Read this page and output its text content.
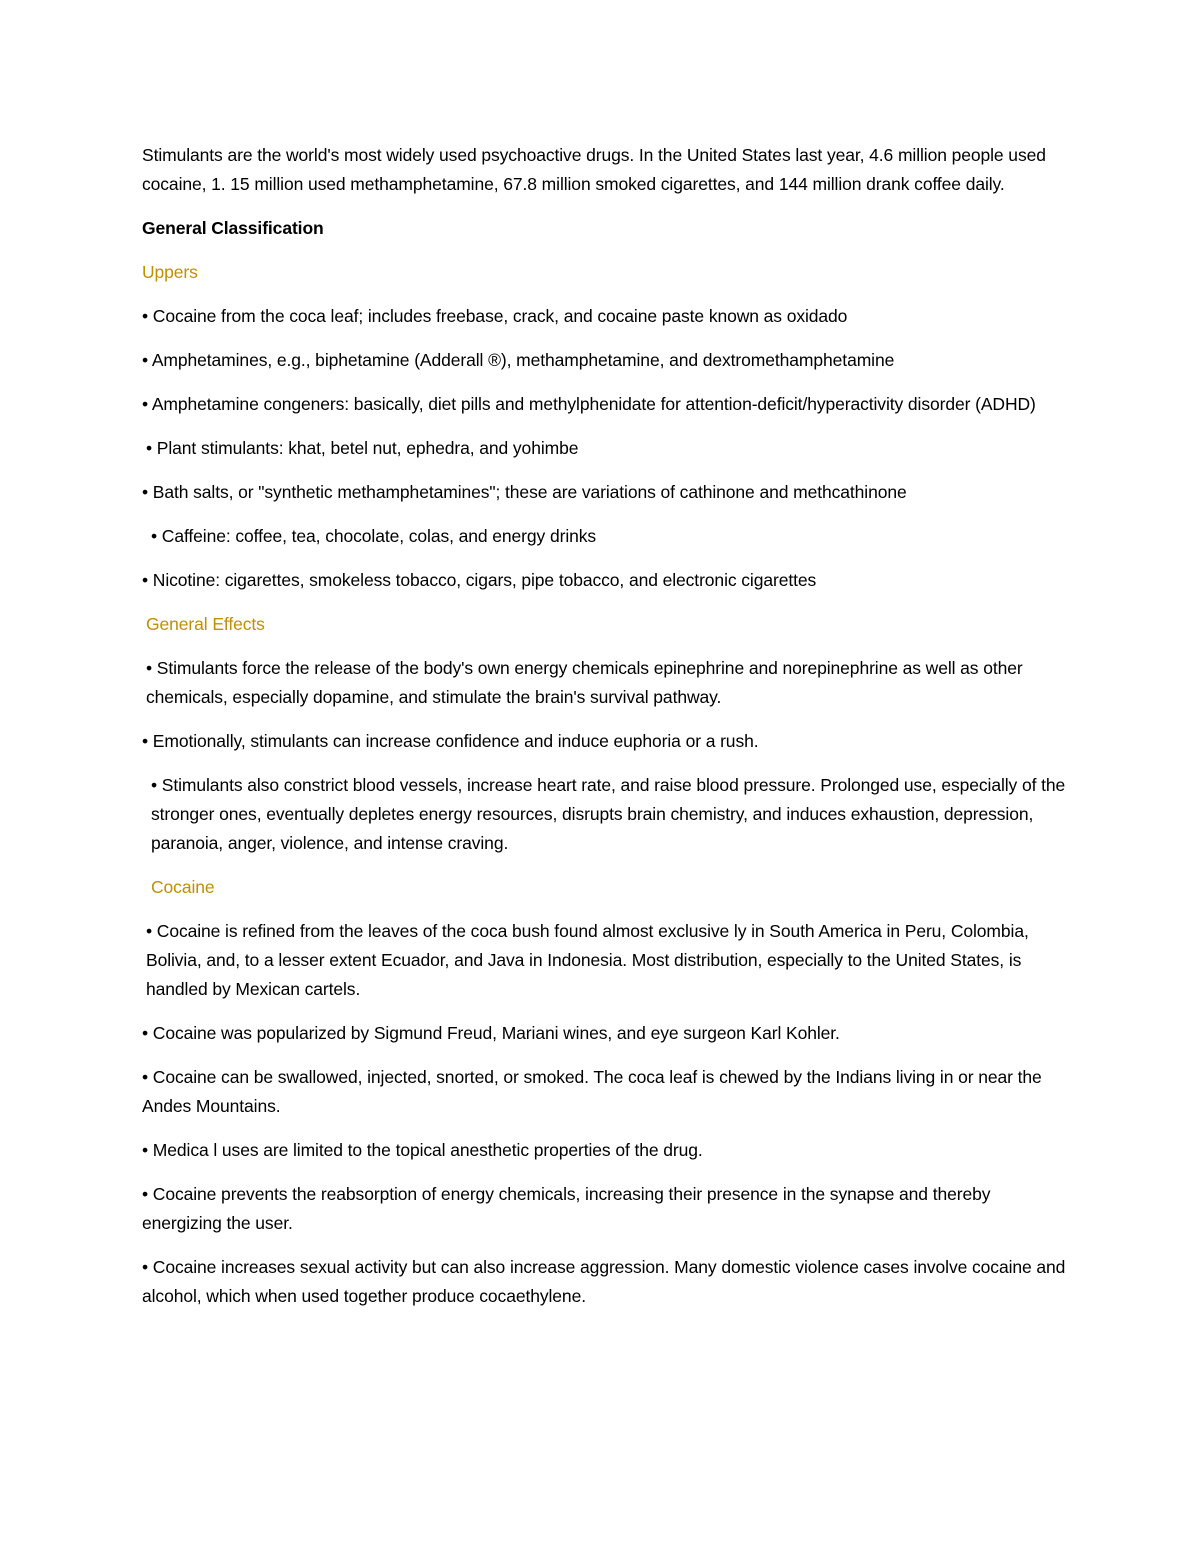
Stimulants are the world's most widely used psychoactive drugs. In the United States last year, 4.6 million people used cocaine, 1. 15 million used methamphetamine, 67.8 million smoked cigarettes, and 144 million drank coffee daily.

General Classification

Uppers

• Cocaine from the coca leaf; includes freebase, crack, and cocaine paste known as oxidado

• Amphetamines, e.g., biphetamine (Adderall ®), methamphetamine, and dextromethamphetamine

• Amphetamine congeners: basically, diet pills and methylphenidate for attention-deficit/hyperactivity disorder (ADHD)

• Plant stimulants: khat, betel nut, ephedra, and yohimbe

• Bath salts, or "synthetic methamphetamines"; these are variations of cathinone and methcathinone

• Caffeine: coffee, tea, chocolate, colas, and energy drinks

• Nicotine: cigarettes, smokeless tobacco, cigars, pipe tobacco, and electronic cigarettes

General Effects

• Stimulants force the release of the body's own energy chemicals epinephrine and norepinephrine as well as other chemicals, especially dopamine, and stimulate the brain's survival pathway.

• Emotionally, stimulants can increase confidence and induce euphoria or a rush.

• Stimulants also constrict blood vessels, increase heart rate, and raise blood pressure. Prolonged use, especially of the stronger ones, eventually depletes energy resources, disrupts brain chemistry, and induces exhaustion, depression, paranoia, anger, violence, and intense craving.

Cocaine

• Cocaine is refined from the leaves of the coca bush found almost exclusive ly in South America in Peru, Colombia, Bolivia, and, to a lesser extent Ecuador, and Java in Indonesia. Most distribution, especially to the United States, is handled by Mexican cartels.

• Cocaine was popularized by Sigmund Freud, Mariani wines, and eye surgeon Karl Kohler.

• Cocaine can be swallowed, injected, snorted, or smoked. The coca leaf is chewed by the Indians living in or near the Andes Mountains.

• Medica l uses are limited to the topical anesthetic properties of the drug.

• Cocaine prevents the reabsorption of energy chemicals, increasing their presence in the synapse and thereby energizing the user.

• Cocaine increases sexual activity but can also increase aggression. Many domestic violence cases involve cocaine and alcohol, which when used together produce cocaethylene.
